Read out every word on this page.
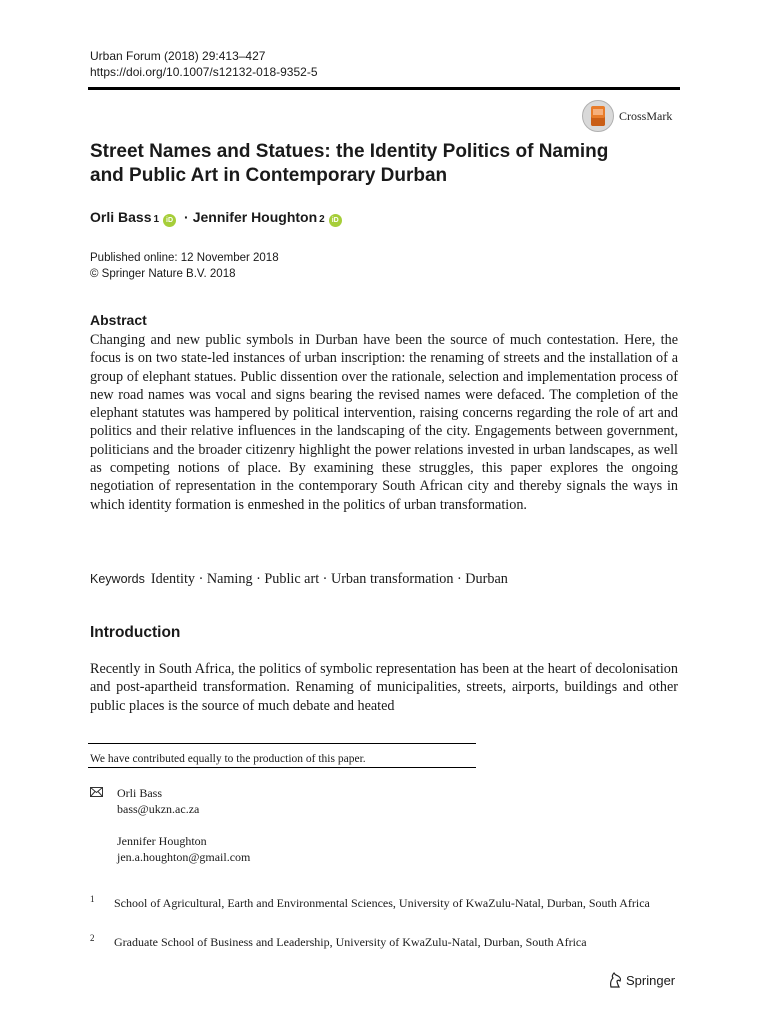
Urban Forum (2018) 29:413–427
https://doi.org/10.1007/s12132-018-9352-5
CrossMark
Street Names and Statues: the Identity Politics of Naming
and Public Art in Contemporary Durban
Orli Bass$_1$	iD · Jennifer Houghton$_2$	iD
Published online: 12 November 2018
© Springer Nature B.V. 2018
Abstract
Changing and new public symbols in Durban have been the source of much contestation. Here, the focus is on two state-led instances of urban inscription: the renaming of streets and the installation of a group of elephant statues. Public dissention over the rationale, selection and implementation process of new road names was vocal and signs bearing the revised names were defaced. The completion of the elephant statutes was hampered by political intervention, raising concerns regarding the role of art and politics and their relative influences in the landscaping of the city. Engagements between government, politicians and the broader citizenry highlight the power relations invested in urban landscapes, as well as competing notions of place. By examining these struggles, this paper explores the ongoing negotiation of representation in the contemporary South African city and thereby signals the ways in which identity formation is enmeshed in the politics of urban transformation.
Keywords Identity · Naming · Public art · Urban transformation · Durban
Introduction
Recently in South Africa, the politics of symbolic representation has been at the heart of decolonisation and post-apartheid transformation. Renaming of municipalities, streets, airports, buildings and other public places is the source of much debate and heated
We have contributed equally to the production of this paper.
Orli Bass
bass@ukzn.ac.za
Jennifer Houghton
jen.a.houghton@gmail.com
1 School of Agricultural, Earth and Environmental Sciences, University of KwaZulu-Natal, Durban, South Africa
2 Graduate School of Business and Leadership, University of KwaZulu-Natal, Durban, South Africa
Springer
